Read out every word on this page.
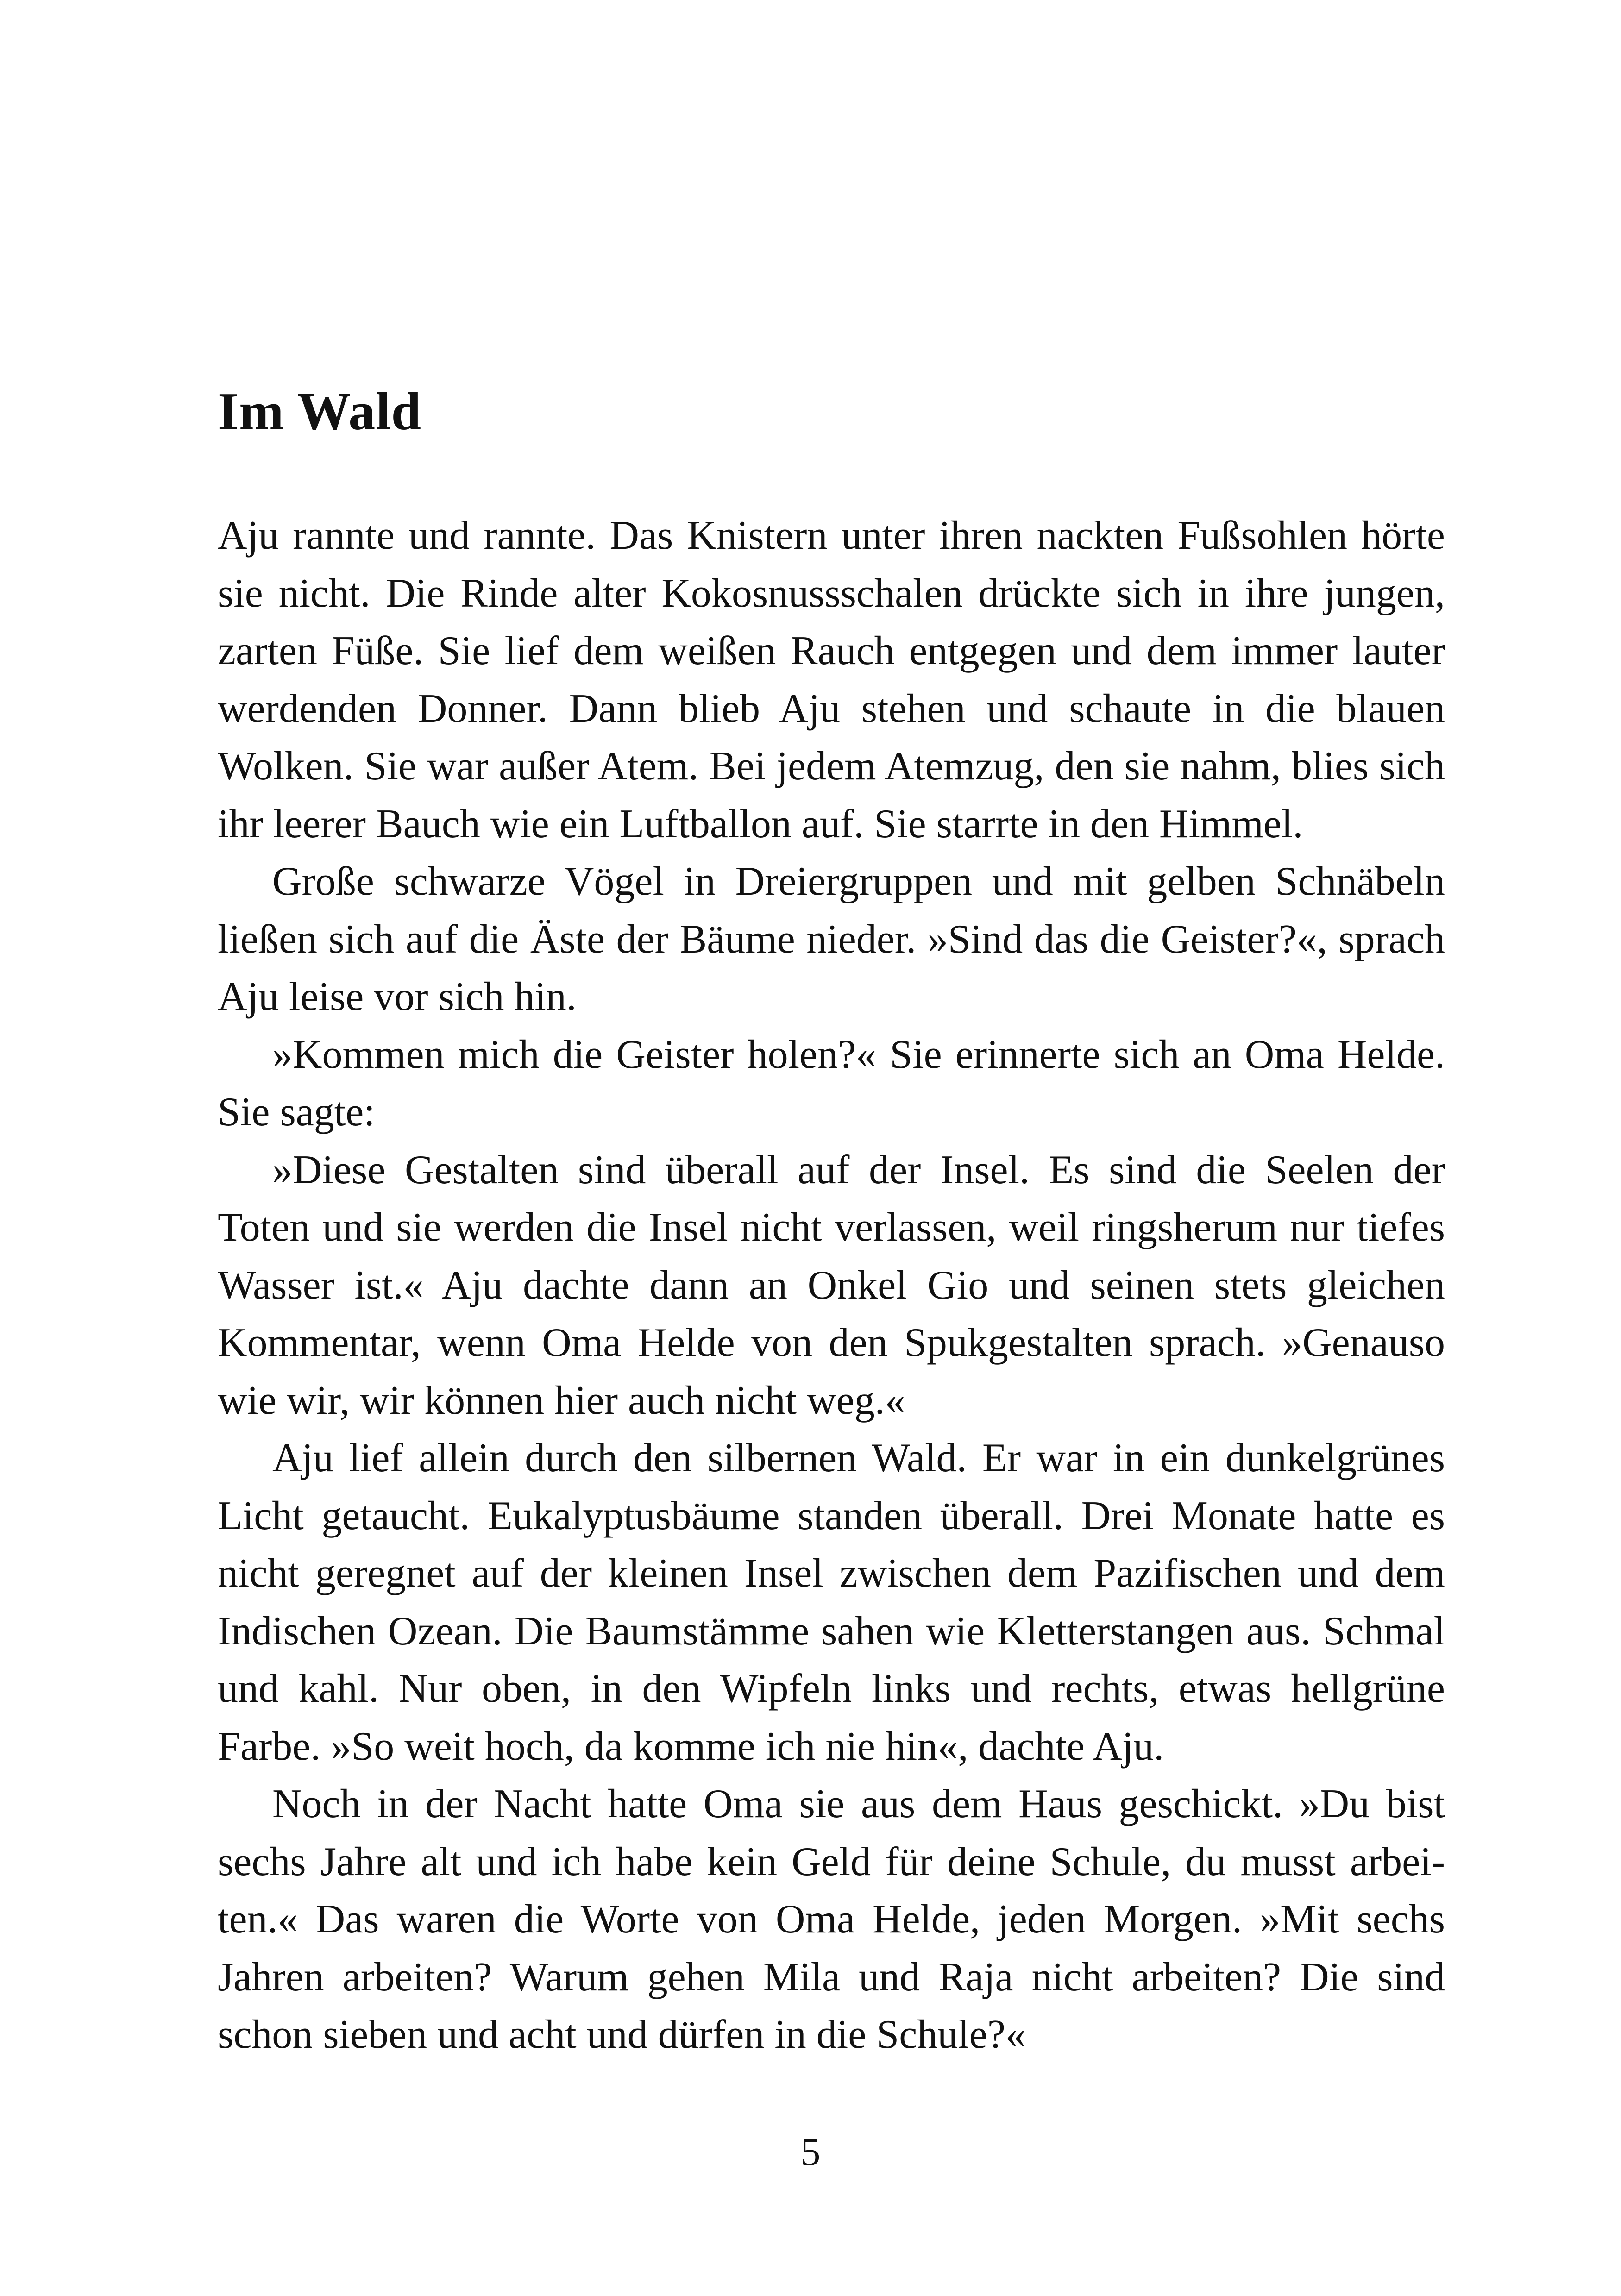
Im Wald

Aju rannte und rannte. Das Knistern unter ihren nackten Fußsohlen hörte sie nicht. Die Rinde alter Kokosnussschalen drückte sich in ihre jungen, zarten Füße. Sie lief dem weißen Rauch entgegen und dem immer lauter werdenden Donner. Dann blieb Aju stehen und schaute in die blauen Wolken. Sie war außer Atem. Bei jedem Atemzug, den sie nahm, blies sich ihr leerer Bauch wie ein Luftballon auf. Sie starrte in den Himmel.

Große schwarze Vögel in Dreiergruppen und mit gelben Schnäbeln ließen sich auf die Äste der Bäume nieder. »Sind das die Geister?«, sprach Aju leise vor sich hin.

»Kommen mich die Geister holen?« Sie erinnerte sich an Oma Helde. Sie sagte:

»Diese Gestalten sind überall auf der Insel. Es sind die Seelen der Toten und sie werden die Insel nicht verlassen, weil ringsherum nur tiefes Wasser ist.« Aju dachte dann an Onkel Gio und seinen stets gleichen Kommentar, wenn Oma Helde von den Spukgestalten sprach. »Genauso wie wir, wir können hier auch nicht weg.«

Aju lief allein durch den silbernen Wald. Er war in ein dunkelgrünes Licht getaucht. Eukalyptusbäume standen überall. Drei Monate hatte es nicht geregnet auf der kleinen Insel zwischen dem Pazifischen und dem Indischen Ozean. Die Baumstämme sahen wie Kletterstangen aus. Schmal und kahl. Nur oben, in den Wipfeln links und rechts, etwas hellgrüne Farbe. »So weit hoch, da komme ich nie hin«, dachte Aju.

Noch in der Nacht hatte Oma sie aus dem Haus geschickt. »Du bist sechs Jahre alt und ich habe kein Geld für deine Schule, du musst arbeiten.« Das waren die Worte von Oma Helde, jeden Morgen. »Mit sechs Jahren arbeiten? Warum gehen Mila und Raja nicht arbeiten? Die sind schon sieben und acht und dürfen in die Schule?«

5
